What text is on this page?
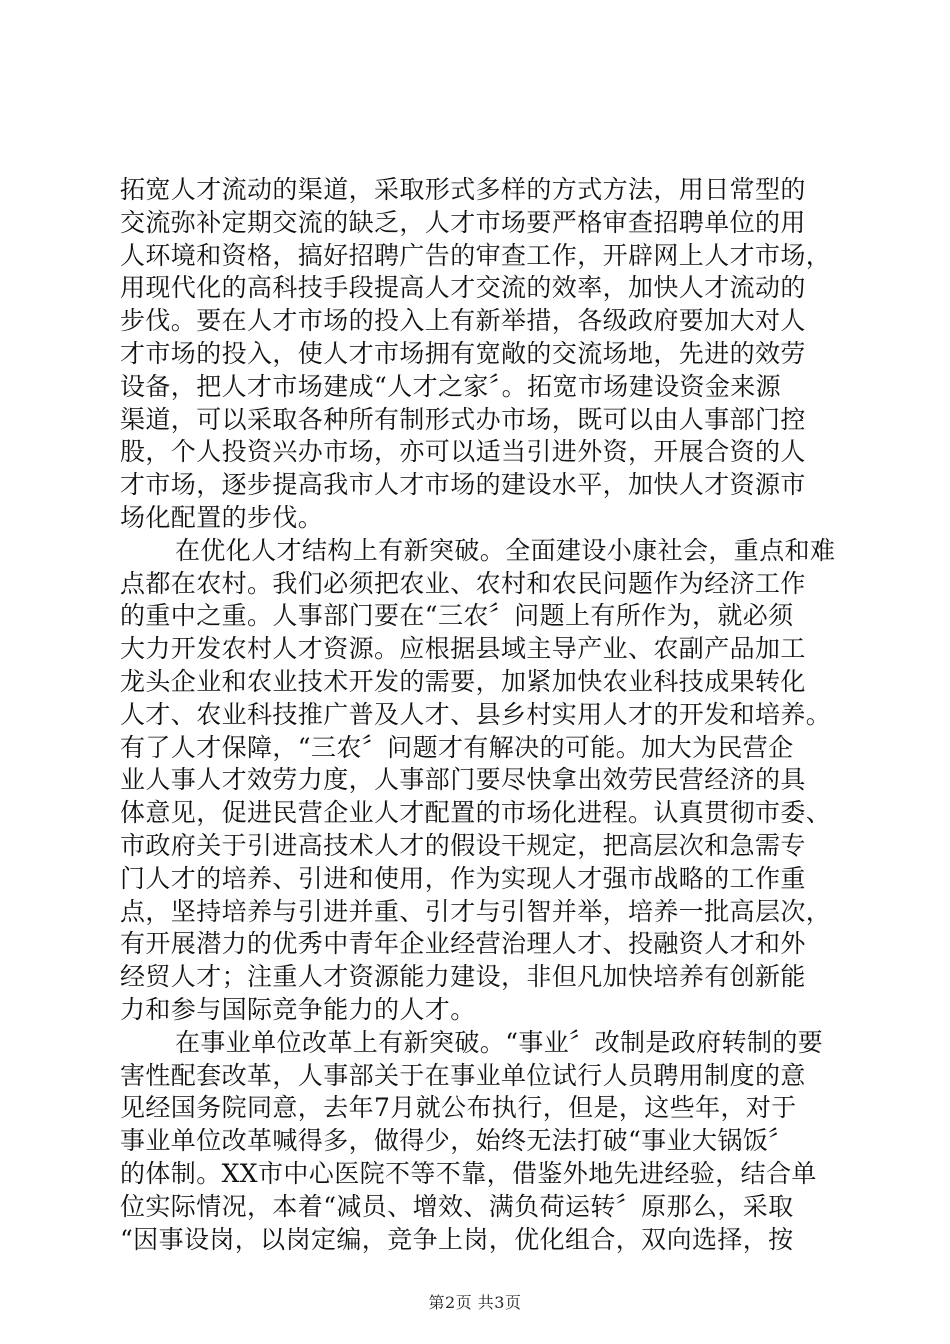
拓宽人才流动的渠道，采取形式多样的方式方法，用日常型的
交流弥补定期交流的缺乏，人才市场要严格审查招聘单位的用
人环境和资格，搞好招聘广告的审查工作，开辟网上人才市场，
用现代化的高科技手段提高人才交流的效率，加快人才流动的
步伐。要在人才市场的投入上有新举措，各级政府要加大对人
才市场的投入，使人才市场拥有宽敞的交流场地，先进的效劳
设备，把人才市场建成“人才之家〞。拓宽市场建设资金来源
渠道，可以采取各种所有制形式办市场，既可以由人事部门控
股，个人投资兴办市场，亦可以适当引进外资，开展合资的人
才市场，逐步提高我市人才市场的建设水平，加快人才资源市
场化配置的步伐。
在优化人才结构上有新突破。全面建设小康社会，重点和难
点都在农村。我们必须把农业、农村和农民问题作为经济工作
的重中之重。人事部门要在“三农〞问题上有所作为，就必须
大力开发农村人才资源。应根据县域主导产业、农副产品加工
龙头企业和农业技术开发的需要，加紧加快农业科技成果转化
人才、农业科技推广普及人才、县乡村实用人才的开发和培养。
有了人才保障，“三农〞问题才有解决的可能。加大为民营企
业人事人才效劳力度，人事部门要尽快拿出效劳民营经济的具
体意见，促进民营企业人才配置的市场化进程。认真贯彻市委、
市政府关于引进高技术人才的假设干规定，把高层次和急需专
门人才的培养、引进和使用，作为实现人才强市战略的工作重
点，坚持培养与引进并重、引才与引智并举，培养一批高层次，
有开展潜力的优秀中青年企业经营治理人才、投融资人才和外
经贸人才；注重人才资源能力建设，非但凡加快培养有创新能
力和参与国际竞争能力的人才。
在事业单位改革上有新突破。“事业〞改制是政府转制的要
害性配套改革，人事部关于在事业单位试行人员聘用制度的意
见经国务院同意，去年7月就公布执行，但是，这些年，对于
事业单位改革喊得多，做得少，始终无法打破“事业大锅饭〞
的体制。XX市中心医院不等不靠，借鉴外地先进经验，结合单
位实际情况，本着“减员、增效、满负荷运转〞原那么，采取
“因事设岗，以岗定编，竞争上岗，优化组合，双向选择，按
第2页 共3页
